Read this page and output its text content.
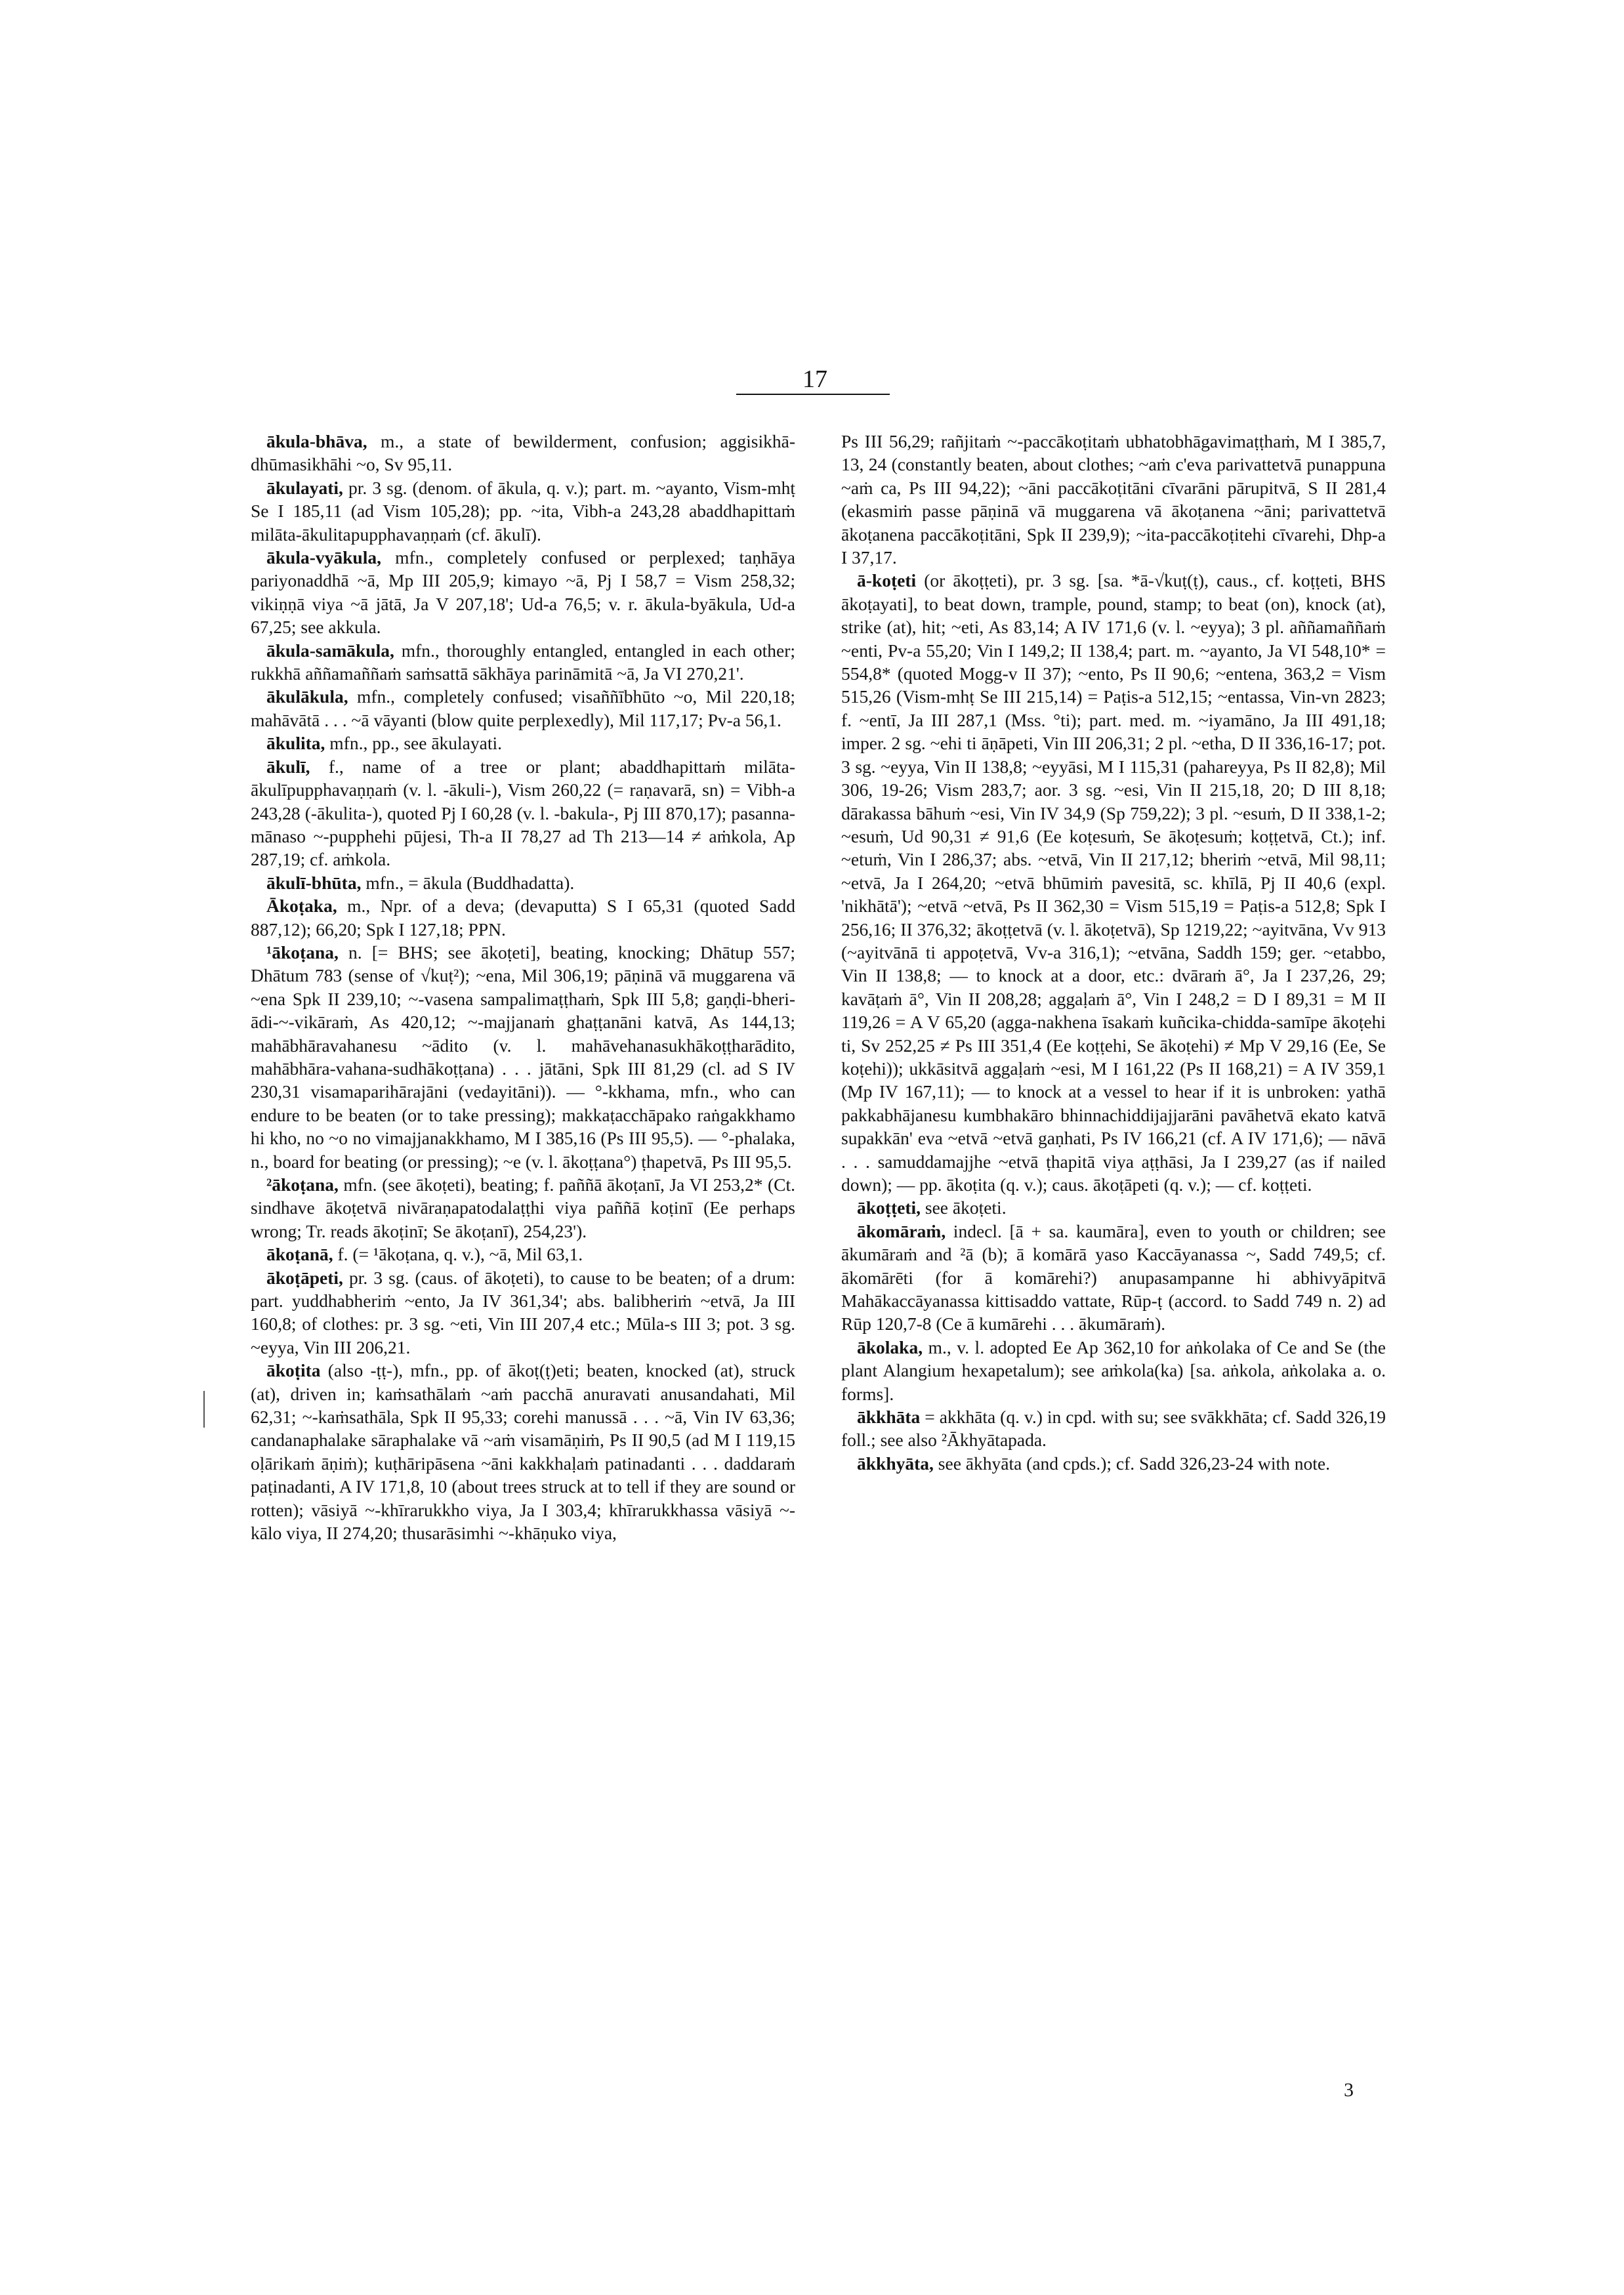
17

ākula-bhāva, m., a state of bewilderment, confusion; aggisikhā-dhūmasikhāhi ~o, Sv 95,11.

ākulayati, pr. 3 sg. (denom. of ākula, q. v.); part. m. ~ayanto, Vism-mhṭ Se I 185,11 (ad Vism 105,28); pp. ~ita, Vibh-a 243,28 abaddhapittaṁ milāta-ākulitapupphavaṇṇaṁ (cf. ākulī).

ākula-vyākula, mfn., completely confused or perplexed; taṇhāya pariyonaddhā ~ā, Mp III 205,9; kimayo ~ā, Pj I 58,7 = Vism 258,32; vikiṇṇā viya ~ā jātā, Ja V 207,18'; Ud-a 76,5; v. r. ākula-byākula, Ud-a 67,25; see akkula.

ākula-samākula, mfn., thoroughly entangled, entangled in each other; rukkhā aññamaññaṁ saṁsattā sākhāya parināmitā ~ā, Ja VI 270,21'.

ākulākula, mfn., completely confused; visaññībhūto ~o, Mil 220,18; mahāvātā . . . ~ā vāyanti (blow quite perplexedly), Mil 117,17; Pv-a 56,1.

ākulita, mfn., pp., see ākulayati.

ākulī, f., name of a tree or plant; abaddhapittaṁ milāta-ākulīpupphavaṇṇaṁ (v. l. -ākuli-), Vism 260,22 (= raṇavarā, sn) = Vibh-a 243,28 (-ākulita-), quoted Pj I 60,28 (v. l. -bakula-, Pj III 870,17); pasanna-mānaso ~-pupphehi pūjesi, Th-a II 78,27 ad Th 213—14 ≠ aṁkola, Ap 287,19; cf. aṁkola.

ākulī-bhūta, mfn., = ākula (Buddhadatta).

Ākoṭaka, m., Npr. of a deva; (devaputta) S I 65,31 (quoted Sadd 887,12); 66,20; Spk I 127,18; PPN.

¹ākoṭana, n. [= BHS; see ākoṭeti], beating, knocking; Dhātup 557; Dhātum 783 (sense of √kuṭ²); ~ena, Mil 306,19; pāṇinā vā muggarena vā ~ena Spk II 239,10; ~-vasena sampalimaṭṭhaṁ, Spk III 5,8; gaṇḍi-bheri-ādi-~-vikāraṁ, As 420,12; ~-majjanaṁ ghaṭṭanāni katvā, As 144,13; mahābhāravahanesu ~ādito (v. l. mahāvehanasukhākoṭṭharādito, mahābhāra-vahana-sudhākoṭṭana) . . . jātāni, Spk III 81,29 (cl. ad S IV 230,31 visamaparihārajāni (vedayitāni)). — °-kkhama, mfn., who can endure to be beaten (or to take pressing); makkaṭacchāpako raṅgakkhamo hi kho, no ~o no vimajjanakkhamo, M I 385,16 (Ps III 95,5). — °-phalaka, n., board for beating (or pressing); ~e (v. l. ākoṭṭana°) ṭhapetvā, Ps III 95,5.

²ākoṭana, mfn. (see ākoṭeti), beating; f. paññā ākoṭanī, Ja VI 253,2* (Ct. sindhave ākoṭetvā nivāraṇapatodalaṭṭhi viya paññā koṭinī (Ee perhaps wrong; Tr. reads ākoṭinī; Se ākoṭanī), 254,23').

ākoṭanā, f. (= ¹ākoṭana, q. v.), ~ā, Mil 63,1.

ākoṭāpeti, pr. 3 sg. (caus. of ākoṭeti), to cause to be beaten; of a drum: part. yuddhabheriṁ ~ento, Ja IV 361,34'; abs. balibheriṁ ~etvā, Ja III 160,8; of clothes: pr. 3 sg. ~eti, Vin III 207,4 etc.; Mūla-s III 3; pot. 3 sg. ~eyya, Vin III 206,21.

ākoṭita (also -ṭṭ-), mfn., pp. of ākoṭ(ṭ)eti; beaten, knocked (at), struck (at), driven in; kaṁsathālaṁ ~aṁ pacchā anuravati anusandahati, Mil 62,31; ~-kaṁsathāla, Spk II 95,33; corehi manussā . . . ~ā, Vin IV 63,36; candanaphalake sāraphalake vā ~aṁ visamāṇiṁ, Ps II 90,5 (ad M I 119,15 oḷārikaṁ āṇiṁ); kuṭhāripāsena ~āni kakkhaḷaṁ patinadanti . . . daddaraṁ paṭinadanti, A IV 171,8, 10 (about trees struck at to tell if they are sound or rotten); vāsiyā ~-khīrarukkho viya, Ja I 303,4; khīrarukkhassa vāsiyā ~-kālo viya, II 274,20; thusarāsimhi ~-khāṇuko viya,

Ps III 56,29; rañjitaṁ ~-paccākoṭitaṁ ubhatobhāgavimaṭṭhaṁ, M I 385,7, 13, 24 (constantly beaten, about clothes; ~aṁ c'eva parivattetvā punappuna ~aṁ ca, Ps III 94,22); ~āni paccākoṭitāni cīvarāni pārupitvā, S II 281,4 (ekasmiṁ passe pāṇinā vā muggarena vā ākoṭanena ~āni; parivattetvā ākoṭanena paccākoṭitāni, Spk II 239,9); ~ita-paccākoṭitehi cīvarehi, Dhp-a I 37,17.

ā-koṭeti (or ākoṭṭeti), pr. 3 sg. [sa. *ā-√kuṭ(ṭ), caus., cf. koṭṭeti, BHS ākoṭayati], to beat down, trample, pound, stamp; to beat (on), knock (at), strike (at), hit; ~eti, As 83,14; A IV 171,6 (v. l. ~eyya); 3 pl. aññamaññaṁ ~enti, Pv-a 55,20; Vin I 149,2; II 138,4; part. m. ~ayanto, Ja VI 548,10* = 554,8* (quoted Mogg-v II 37); ~ento, Ps II 90,6; ~entena, 363,2 = Vism 515,26 (Vism-mhṭ Se III 215,14) = Paṭis-a 512,15; ~entassa, Vin-vn 2823; f. ~entī, Ja III 287,1 (Mss. °ti); part. med. m. ~iyamāno, Ja III 491,18; imper. 2 sg. ~ehi ti āṇāpeti, Vin III 206,31; 2 pl. ~etha, D II 336,16-17; pot. 3 sg. ~eyya, Vin II 138,8; ~eyyāsi, M I 115,31 (pahareyya, Ps II 82,8); Mil 306, 19-26; Vism 283,7; aor. 3 sg. ~esi, Vin II 215,18, 20; D III 8,18; dārakassa bāhuṁ ~esi, Vin IV 34,9 (Sp 759,22); 3 pl. ~esuṁ, D II 338,1-2; ~esuṁ, Ud 90,31 ≠ 91,6 (Ee koṭesuṁ, Se ākoṭesuṁ; koṭṭetvā, Ct.); inf. ~etuṁ, Vin I 286,37; abs. ~etvā, Vin II 217,12; bheriṁ ~etvā, Mil 98,11; ~etvā, Ja I 264,20; ~etvā bhūmiṁ pavesitā, sc. khīlā, Pj II 40,6 (expl. 'nikhātā'); ~etvā ~etvā, Ps II 362,30 = Vism 515,19 = Paṭis-a 512,8; Spk I 256,16; II 376,32; ākoṭṭetvā (v. l. ākoṭetvā), Sp 1219,22; ~ayitvāna, Vv 913 (~ayitvānā ti appoṭetvā, Vv-a 316,1); ~etvāna, Saddh 159; ger. ~etabbo, Vin II 138,8; — to knock at a door, etc.: dvāraṁ ā°, Ja I 237,26, 29; kavāṭaṁ ā°, Vin II 208,28; aggaḷaṁ ā°, Vin I 248,2 = D I 89,31 = M II 119,26 = A V 65,20 (agga-nakhena īsakaṁ kuñcika-chidda-samīpe ākoṭehi ti, Sv 252,25 ≠ Ps III 351,4 (Ee koṭṭehi, Se ākoṭehi) ≠ Mp V 29,16 (Ee, Se koṭehi)); ukkāsitvā aggaḷaṁ ~esi, M I 161,22 (Ps II 168,21) = A IV 359,1 (Mp IV 167,11); — to knock at a vessel to hear if it is unbroken: yathā pakkabhājanesu kumbhakāro bhinnachiddijajjarāni pavāhetvā ekato katvā supakkān' eva ~etvā ~etvā gaṇhati, Ps IV 166,21 (cf. A IV 171,6); — nāvā . . . samuddamajjhe ~etvā ṭhapitā viya aṭṭhāsi, Ja I 239,27 (as if nailed down); — pp. ākoṭita (q. v.); caus. ākoṭāpeti (q. v.); — cf. koṭṭeti.

ākoṭṭeti, see ākoṭeti.

ākomāraṁ, indecl. [ā + sa. kaumāra], even to youth or children; see ākumāraṁ and ²ā (b); ā komārā yaso Kaccāyanassa ~, Sadd 749,5; cf. ākomārēti (for ā komārehi?) anupasampanne hi abhivyāpitvā Mahākaccāyanassa kittisaddo vattate, Rūp-ṭ (accord. to Sadd 749 n. 2) ad Rūp 120,7-8 (Ce ā kumārehi . . . ākumāraṁ).

ākolaka, m., v. l. adopted Ee Ap 362,10 for aṅkolaka of Ce and Se (the plant Alangium hexapetalum); see aṁkola(ka) [sa. aṅkola, aṅkolaka a. o. forms].

ākkhāta = akkhāta (q. v.) in cpd. with su; see svākkhāta; cf. Sadd 326,19 foll.; see also ²Ākhyātapada.

ākkhyāta, see ākhyāta (and cpds.); cf. Sadd 326,23-24 with note.

3
